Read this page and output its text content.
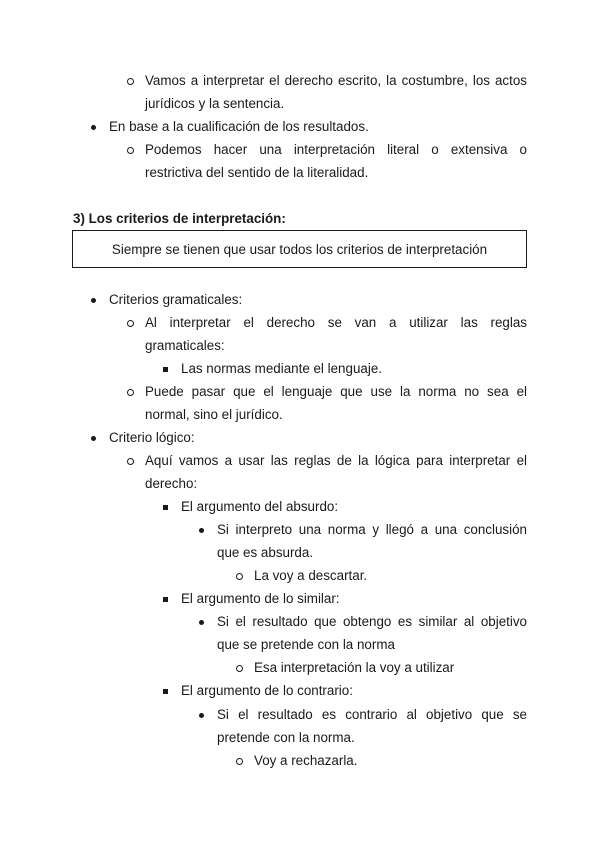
Vamos a interpretar el derecho escrito, la costumbre, los actos
jurídicos y la sentencia.
En base a la cualificación de los resultados.
Podemos hacer una interpretación literal o extensiva o
restrictiva del sentido de la literalidad.
3) Los criterios de interpretación:
Siempre se tienen que usar todos los criterios de interpretación
Criterios gramaticales:
Al interpretar el derecho se van a utilizar las reglas
gramaticales:
Las normas mediante el lenguaje.
Puede pasar que el lenguaje que use la norma no sea el
normal, sino el jurídico.
Criterio lógico:
Aquí vamos a usar las reglas de la lógica para interpretar el
derecho:
El argumento del absurdo:
Si interpreto una norma y llegó a una conclusión
que es absurda.
La voy a descartar.
El argumento de lo similar:
Si el resultado que obtengo es similar al objetivo
que se pretende con la norma
Esa interpretación la voy a utilizar
El argumento de lo contrario:
Si el resultado es contrario al objetivo que se
pretende con la norma.
Voy a rechazarla.
